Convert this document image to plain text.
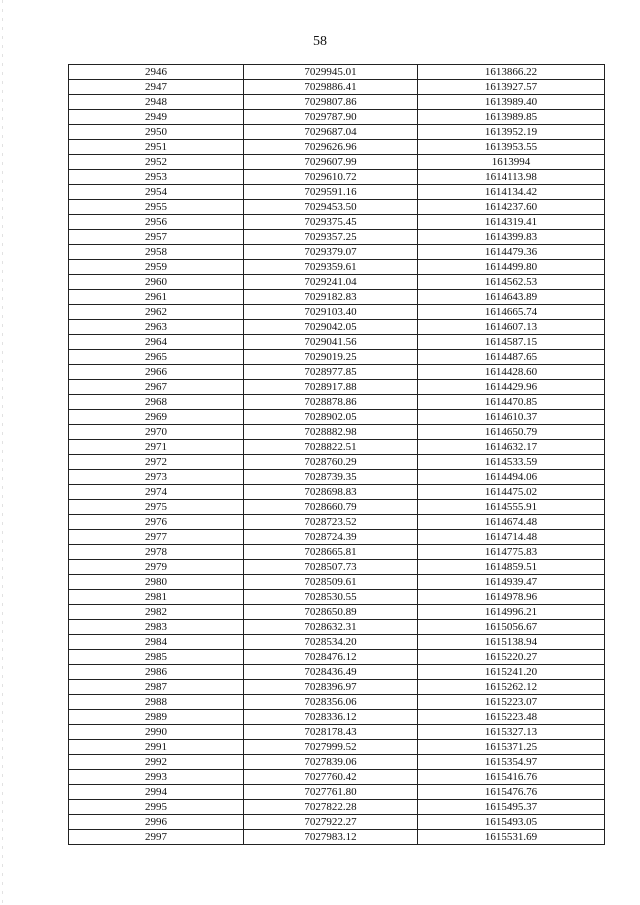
58
2946	7029945.01	1613866.22
2947	7029886.41	1613927.57
2948	7029807.86	1613989.40
2949	7029787.90	1613989.85
2950	7029687.04	1613952.19
2951	7029626.96	1613953.55
2952	7029607.99	1613994
2953	7029610.72	1614113.98
2954	7029591.16	1614134.42
2955	7029453.50	1614237.60
2956	7029375.45	1614319.41
2957	7029357.25	1614399.83
2958	7029379.07	1614479.36
2959	7029359.61	1614499.80
2960	7029241.04	1614562.53
2961	7029182.83	1614643.89
2962	7029103.40	1614665.74
2963	7029042.05	1614607.13
2964	7029041.56	1614587.15
2965	7029019.25	1614487.65
2966	7028977.85	1614428.60
2967	7028917.88	1614429.96
2968	7028878.86	1614470.85
2969	7028902.05	1614610.37
2970	7028882.98	1614650.79
2971	7028822.51	1614632.17
2972	7028760.29	1614533.59
2973	7028739.35	1614494.06
2974	7028698.83	1614475.02
2975	7028660.79	1614555.91
2976	7028723.52	1614674.48
2977	7028724.39	1614714.48
2978	7028665.81	1614775.83
2979	7028507.73	1614859.51
2980	7028509.61	1614939.47
2981	7028530.55	1614978.96
2982	7028650.89	1614996.21
2983	7028632.31	1615056.67
2984	7028534.20	1615138.94
2985	7028476.12	1615220.27
2986	7028436.49	1615241.20
2987	7028396.97	1615262.12
2988	7028356.06	1615223.07
2989	7028336.12	1615223.48
2990	7028178.43	1615327.13
2991	7027999.52	1615371.25
2992	7027839.06	1615354.97
2993	7027760.42	1615416.76
2994	7027761.80	1615476.76
2995	7027822.28	1615495.37
2996	7027922.27	1615493.05
2997	7027983.12	1615531.69
